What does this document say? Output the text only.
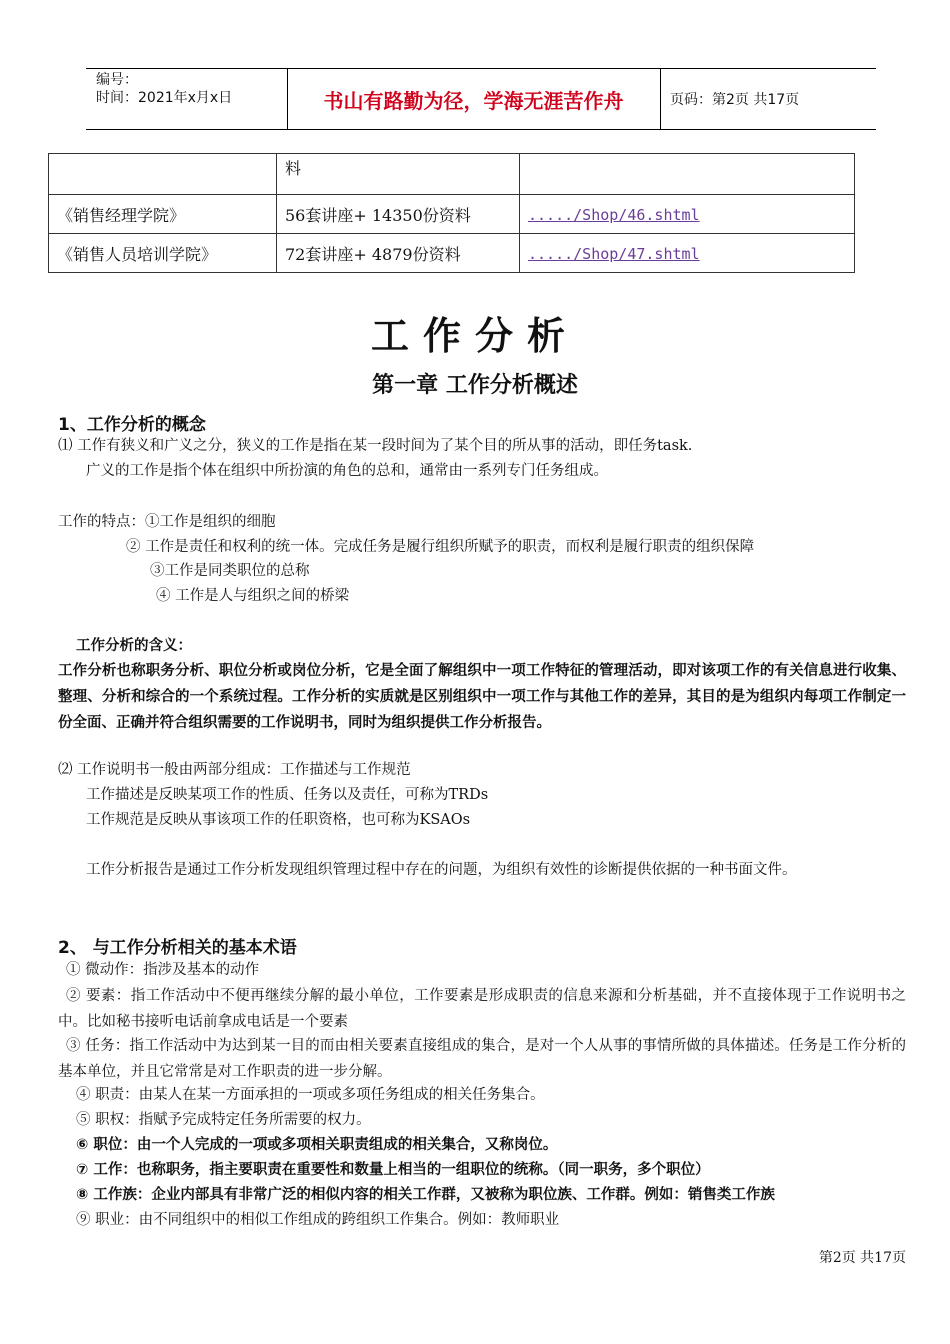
编号：
时间：2021年x月x日	书山有路勤为径，学海无涯苦作舟	页码：第2页 共17页
	料	
《销售经理学院》	56套讲座+ 14350份资料	...../Shop/46.shtml
《销售人员培训学院》	72套讲座+ 4879份资料	...../Shop/47.shtml
工作分析
第一章 工作分析概述
1、工作分析的概念
⑴ 工作有狭义和广义之分，狭义的工作是指在某一段时间为了某个目的所从事的活动，即任务task.
广义的工作是指个体在组织中所扮演的角色的总和，通常由一系列专门任务组成。
工作的特点：①工作是组织的细胞
② 工作是责任和权利的统一体。完成任务是履行组织所赋予的职责，而权利是履行职责的组织保障
③工作是同类职位的总称
④ 工作是人与组织之间的桥梁
工作分析的含义：
工作分析也称职务分析、职位分析或岗位分析，它是全面了解组织中一项工作特征的管理活动，即对该项工作的有关信息进行收集、整理、分析和综合的一个系统过程。工作分析的实质就是区别组织中一项工作与其他工作的差异，其目的是为组织内每项工作制定一份全面、正确并符合组织需要的工作说明书，同时为组织提供工作分析报告。
⑵ 工作说明书一般由两部分组成：工作描述与工作规范
工作描述是反映某项工作的性质、任务以及责任，可称为TRDs
工作规范是反映从事该项工作的任职资格，也可称为KSAOs
工作分析报告是通过工作分析发现组织管理过程中存在的问题，为组织有效性的诊断提供依据的一种书面文件。
2、 与工作分析相关的基本术语
① 微动作：指涉及基本的动作
② 要素：指工作活动中不便再继续分解的最小单位，工作要素是形成职责的信息来源和分析基础，并不直接体现于工作说明书之中。比如秘书接听电话前拿成电话是一个要素
③ 任务：指工作活动中为达到某一目的而由相关要素直接组成的集合，是对一个人从事的事情所做的具体描述。任务是工作分析的基本单位，并且它常常是对工作职责的进一步分解。
④ 职责：由某人在某一方面承担的一项或多项任务组成的相关任务集合。
⑤ 职权：指赋予完成特定任务所需要的权力。
⑥ 职位：由一个人完成的一项或多项相关职责组成的相关集合，又称岗位。
⑦ 工作：也称职务，指主要职责在重要性和数量上相当的一组职位的统称。（同一职务，多个职位）
⑧ 工作族：企业内部具有非常广泛的相似内容的相关工作群，又被称为职位族、工作群。例如：销售类工作族
⑨ 职业：由不同组织中的相似工作组成的跨组织工作集合。例如：教师职业
第2页 共17页
